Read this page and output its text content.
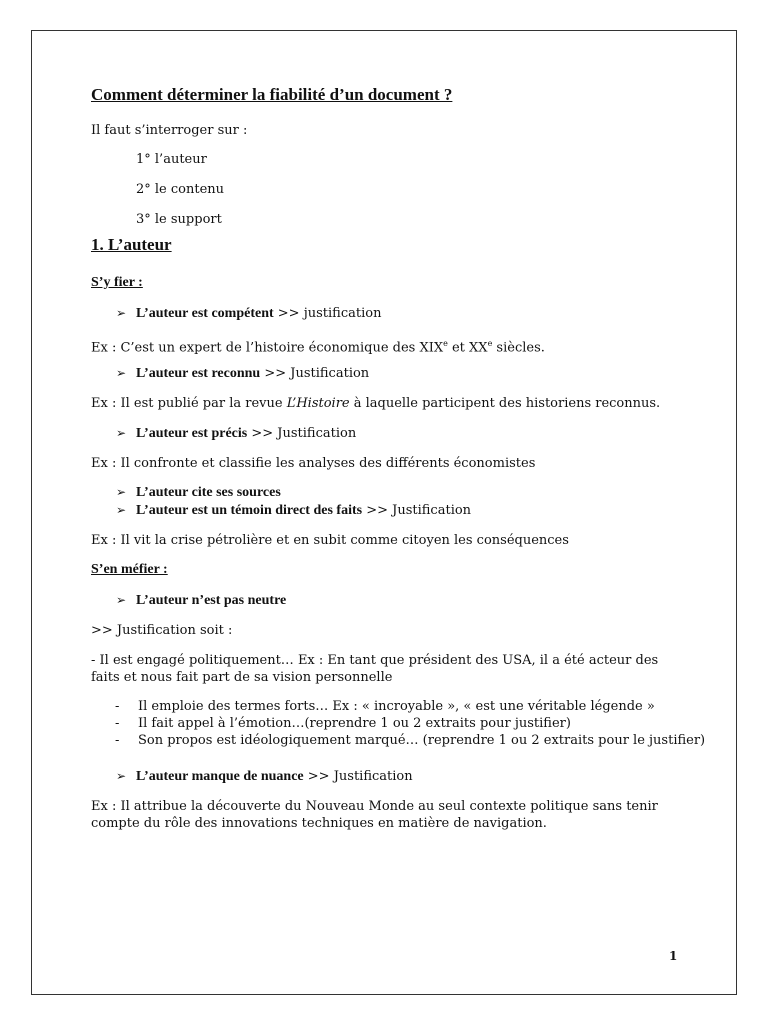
Comment déterminer la fiabilité d’un document ?
Il faut s’interroger sur :
1° l’auteur
2° le contenu
3° le support
1. L’auteur
S’y fier :
➢ L’auteur est compétent >> justification
Ex : C’est un expert de l’histoire économique des XIXe et XXe siècles.
➢ L’auteur est reconnu >> Justification
Ex : Il est publié par la revue L’Histoire à laquelle participent des historiens reconnus.
➢ L’auteur est précis >> Justification
Ex : Il confronte et classifie les analyses des différents économistes
➢ L’auteur cite ses sources
➢ L’auteur est un témoin direct des faits >> Justification
Ex : Il vit la crise pétrolière et en subit comme citoyen les conséquences
S’en méfier :
➢ L’auteur n’est pas neutre
>> Justification soit :
- Il est engagé politiquement… Ex : En tant que président des USA, il a été acteur des faits et nous fait part de sa vision personnelle
- Il emploie des termes forts… Ex : « incroyable », « est une véritable légende »
- Il fait appel à l’émotion…(reprendre 1 ou 2 extraits pour justifier)
- Son propos est idéologiquement marqué… (reprendre 1 ou 2 extraits pour le justifier)
➢ L’auteur manque de nuance >> Justification
Ex : Il attribue la découverte du Nouveau Monde au seul contexte politique sans tenir compte du rôle des innovations techniques en matière de navigation.
1
